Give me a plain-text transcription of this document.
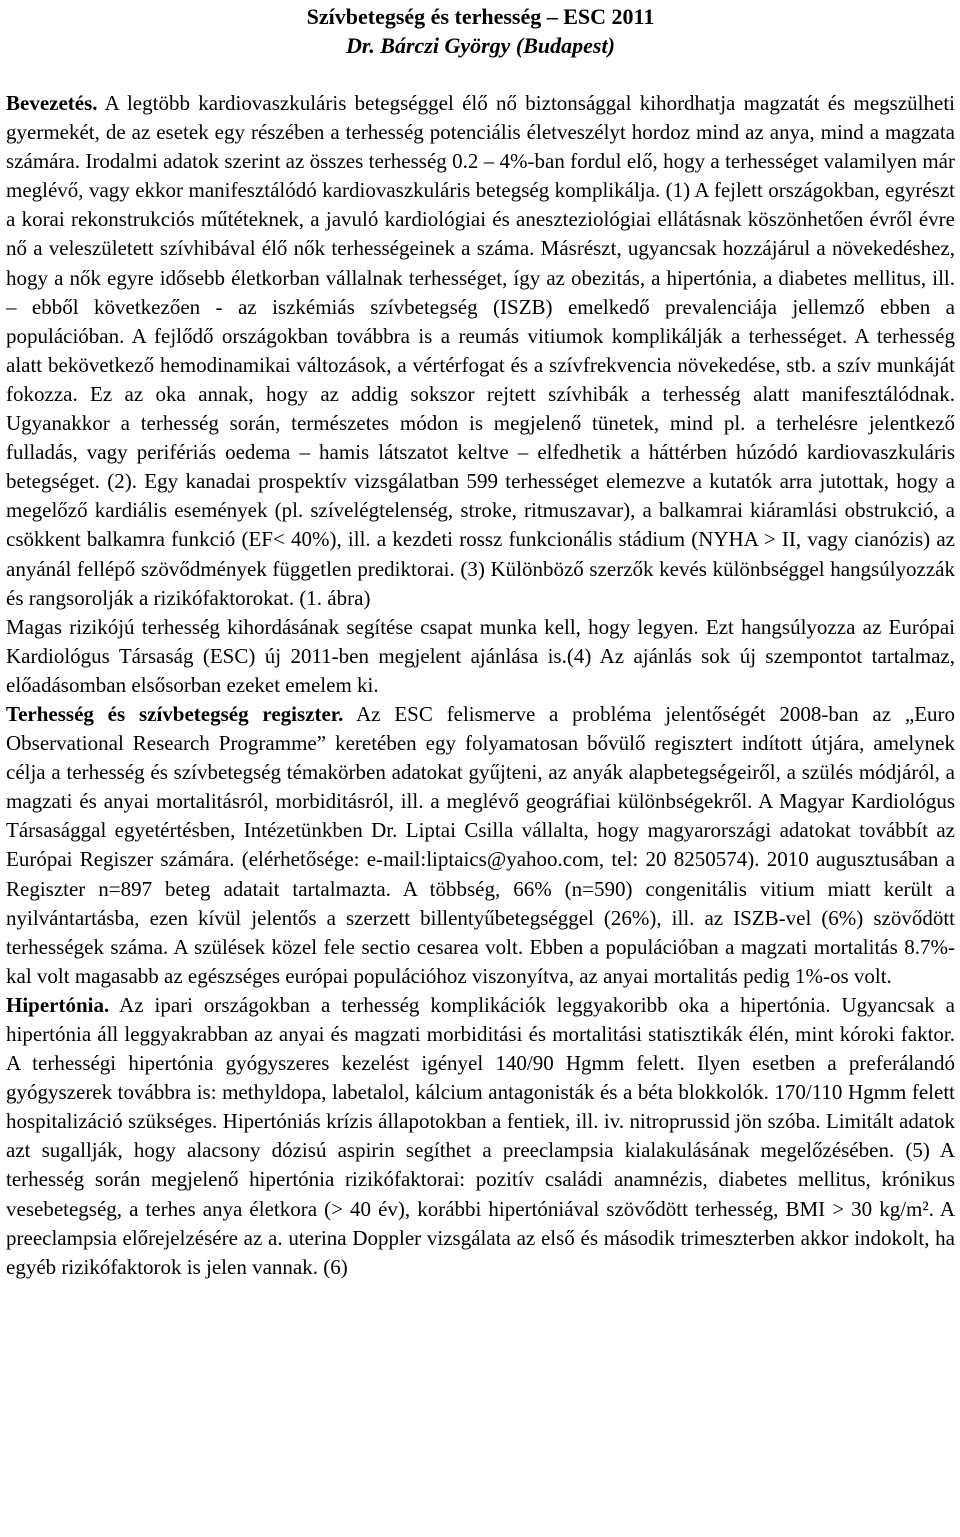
Szívbetegség és terhesség – ESC 2011

Dr. Bárczi György (Budapest)

Bevezetés. A legtöbb kardiovaszkuláris betegséggel élő nő biztonsággal kihordhatja magzatát és megszülheti gyermekét, de az esetek egy részében a terhesség potenciális életveszélyt hordoz mind az anya, mind a magzata számára. Irodalmi adatok szerint az összes terhesség 0.2 – 4%-ban fordul elő, hogy a terhességet valamilyen már meglévő, vagy ekkor manifesztálódó kardiovaszkuláris betegség komplikálja. (1) A fejlett országokban, egyrészt a korai rekonstrukciós műtéteknek, a javuló kardiológiai és aneszteziológiai ellátásnak köszönhetően évről évre nő a veleszületett szívhibával élő nők terhességeinek a száma. Másrészt, ugyancsak hozzájárul a növekedéshez, hogy a nők egyre idősebb életkorban vállalnak terhességet, így az obezitás, a hipertónia, a diabetes mellitus, ill. – ebből következően - az iszkémiás szívbetegség (ISZB) emelkedő prevalenciája jellemző ebben a populációban. A fejlődő országokban továbbra is a reumás vitiumok komplikálják a terhességet. A terhesség alatt bekövetkező hemodinamikai változások, a vértérfogat és a szívfrekvencia növekedése, stb. a szív munkáját fokozza. Ez az oka annak, hogy az addig sokszor rejtett szívhibák a terhesség alatt manifesztálódnak. Ugyanakkor a terhesség során, természetes módon is megjelenő tünetek, mind pl. a terhelésre jelentkező fulladás, vagy perifériás oedema – hamis látszatot keltve – elfedhetik a háttérben húzódó kardiovaszkuláris betegséget. (2). Egy kanadai prospektív vizsgálatban 599 terhességet elemezve a kutatók arra jutottak, hogy a megelőző kardiális események (pl. szívelégtelenség, stroke, ritmuszavar), a balkamrai kiáramlási obstrukció, a csökkent balkamra funkció (EF< 40%), ill. a kezdeti rossz funkcionális stádium (NYHA > II, vagy cianózis) az anyánál fellépő szövődmények független prediktorai. (3) Különböző szerzők kevés különbséggel hangsúlyozzák és rangsorolják a rizikófaktorokat. (1. ábra)

Magas rizikójú terhesség kihordásának segítése csapat munka kell, hogy legyen. Ezt hangsúlyozza az Európai Kardiológus Társaság (ESC) új 2011-ben megjelent ajánlása is.(4) Az ajánlás sok új szempontot tartalmaz, előadásomban elsősorban ezeket emelem ki.

Terhesség és szívbetegség regiszter. Az ESC felismerve a probléma jelentőségét 2008-ban az „Euro Observational Research Programme” keretében egy folyamatosan bővülő regisztert indított útjára, amelynek célja a terhesség és szívbetegség témakörben adatokat gyűjteni, az anyák alapbetegségeiről, a szülés módjáról, a magzati és anyai mortalitásról, morbiditásról, ill. a meglévő geográfiai különbségekről. A Magyar Kardiológus Társasággal egyetértésben, Intézetünkben Dr. Liptai Csilla vállalta, hogy magyarországi adatokat továbbít az Európai Regiszer számára. (elérhetősége: e-mail:liptaics@yahoo.com, tel: 20 8250574). 2010 augusztusában a Regiszter n=897 beteg adatait tartalmazta. A többség, 66% (n=590) congenitális vitium miatt került a nyilvántartásba, ezen kívül jelentős a szerzett billentyűbetegséggel (26%), ill. az ISZB-vel (6%) szövődött terhességek száma. A szülések közel fele sectio cesarea volt. Ebben a populációban a magzati mortalitás 8.7%-kal volt magasabb az egészséges európai populációhoz viszonyítva, az anyai mortalitás pedig 1%-os volt.

Hipertónia. Az ipari országokban a terhesség komplikációk leggyakoribb oka a hipertónia. Ugyancsak a hipertónia áll leggyakrabban az anyai és magzati morbiditási és mortalitási statisztikák élén, mint kóroki faktor. A terhességi hipertónia gyógyszeres kezelést igényel 140/90 Hgmm felett. Ilyen esetben a preferálandó gyógyszerek továbbra is: methyldopa, labetalol, kálcium antagonisták és a béta blokkolók. 170/110 Hgmm felett hospitalizáció szükséges. Hipertóniás krízis állapotokban a fentiek, ill. iv. nitroprussid jön szóba. Limitált adatok azt sugallják, hogy alacsony dózisú aspirin segíthet a preeclampsia kialakulásának megelőzésében. (5) A terhesség során megjelenő hipertónia rizikófaktorai: pozitív családi anamnézis, diabetes mellitus, krónikus vesebetegség, a terhes anya életkora (> 40 év), korábbi hipertóniával szövődött terhesség, BMI > 30 kg/m². A preeclampsia előrejelzésére az a. uterina Doppler vizsgálata az első és második trimeszterben akkor indokolt, ha egyéb rizikófaktorok is jelen vannak. (6)
